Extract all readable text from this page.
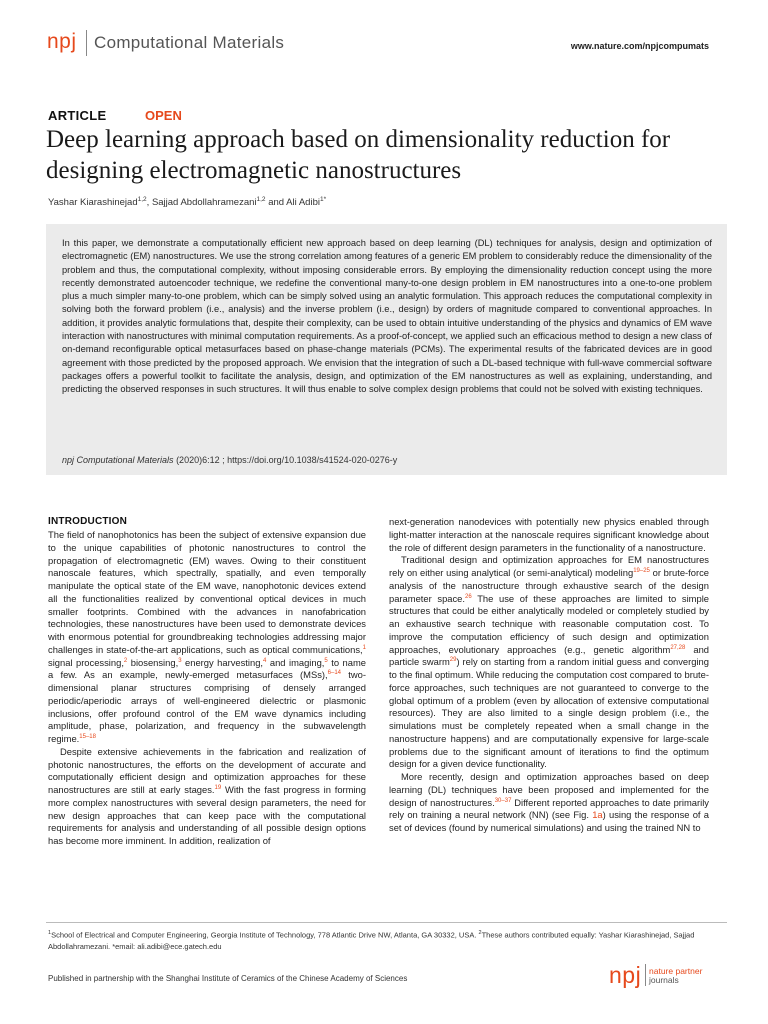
npj Computational Materials	www.nature.com/npjcompumats
ARTICLE	OPEN
Deep learning approach based on dimensionality reduction for designing electromagnetic nanostructures
Yashar Kiarashinejad$^{1,2}$, Sajjad Abdollahramezani$^{1,2}$ and Ali Adibi$^{1*}$

In this paper, we demonstrate a computationally efficient new approach based on deep learning (DL) techniques for analysis, design and optimization of electromagnetic (EM) nanostructures. We use the strong correlation among features of a generic EM problem to considerably reduce the dimensionality of the problem and thus, the computational complexity, without imposing considerable errors. By employing the dimensionality reduction concept using the more recently demonstrated autoencoder technique, we redefine the conventional many-to-one design problem in EM nanostructures into a one-to-one problem plus a much simpler many-to-one problem, which can be simply solved using an analytic formulation. This approach reduces the computational complexity in solving both the forward problem (i.e., analysis) and the inverse problem (i.e., design) by orders of magnitude compared to conventional approaches. In addition, it provides analytic formulations that, despite their complexity, can be used to obtain intuitive understanding of the physics and dynamics of EM wave interaction with nanostructures with minimal computation requirements. As a proof-of-concept, we applied such an efficacious method to design a new class of on-demand reconfigurable optical metasurfaces based on phase-change materials (PCMs). The experimental results of the fabricated devices are in good agreement with those predicted by the proposed approach. We envision that the integration of such a DL-based technique with full-wave commercial software packages offers a powerful toolkit to facilitate the analysis, design, and optimization of the EM nanostructures as well as explaining, understanding, and predicting the observed responses in such structures. It will thus enable to solve complex design problems that could not be solved with existing techniques.

npj Computational Materials (2020)6:12 ; https://doi.org/10.1038/s41524-020-0276-y
INTRODUCTION

The field of nanophotonics has been the subject of extensive expansion due to the unique capabilities of photonic nanostructures to control the propagation of electromagnetic (EM) waves. Owing to their constituent nanoscale features, which spectrally, spatially, and even temporally manipulate the optical state of the EM wave, nanophotonic devices extend all the functionalities realized by conventional optical devices in much smaller footprints. Combined with the advances in nanofabrication technologies, these nanostructures have been used to demonstrate devices with enormous potential for groundbreaking technologies addressing major challenges in state-of-the-art applications, such as optical communications,$^1$ signal processing,$^2$ biosensing,$^3$ energy harvesting,$^4$ and imaging,$^5$ to name a few. As an example, newly-emerged metasurfaces (MSs),$^{6-14}$ two-dimensional planar structures comprising of densely arranged periodic/aperiodic arrays of well-engineered dielectric or plasmonic inclusions, offer profound control of the EM wave dynamics including amplitude, phase, polarization, and frequency in the subwavelength regime.$^{15-18}$

Despite extensive achievements in the fabrication and realization of photonic nanostructures, the efforts on the development of accurate and computationally efficient design and optimization approaches for these nanostructures are still at early stages.$^{19}$ With the fast progress in forming more complex nanostructures with several design parameters, the need for new design approaches that can keep pace with the computational requirements for analysis and understanding of all possible design options has become more imminent. In addition, realization of

next-generation nanodevices with potentially new physics enabled through light-matter interaction at the nanoscale requires significant knowledge about the role of different design parameters in the functionality of a nanostructure.

Traditional design and optimization approaches for EM nanostructures rely on either using analytical (or semi-analytical) modeling$^{19-25}$ or brute-force analysis of the nanostructure through exhaustive search of the design parameter space.$^{26}$ The use of these approaches are limited to simple structures that could be either analytically modeled or completely studied by an exhaustive search technique with reasonable computation cost. To improve the computation efficiency of such design and optimization approaches, evolutionary approaches (e.g., genetic algorithm$^{27,28}$ and particle swarm$^{29}$) rely on starting from a random initial guess and converging to the final optimum. While reducing the computation cost compared to brute-force approaches, such techniques are not guaranteed to converge to the global optimum of a problem (even by allocation of extensive computational resources). They are also limited to a single design problem (i.e., the simulations must be completely repeated when a small change in the nanostructure happens) and are computationally expensive for large-scale problems due to the significant amount of iterations to find the optimum design for a given device functionality.

More recently, design and optimization approaches based on deep learning (DL) techniques have been proposed and implemented for the design of nanostructures.$^{30-37}$ Different reported approaches to date primarily rely on training a neural network (NN) (see Fig. 1a) using the response of a set of devices (found by numerical simulations) and using the trained NN to

$^1$School of Electrical and Computer Engineering, Georgia Institute of Technology, 778 Atlantic Drive NW, Atlanta, GA 30332, USA. $^2$These authors contributed equally: Yashar Kiarashinejad, Sajjad Abdollahramezani. *email: ali.adibi@ece.gatech.edu

Published in partnership with the Shanghai Institute of Ceramics of the Chinese Academy of Sciences	npj nature partner
journals
